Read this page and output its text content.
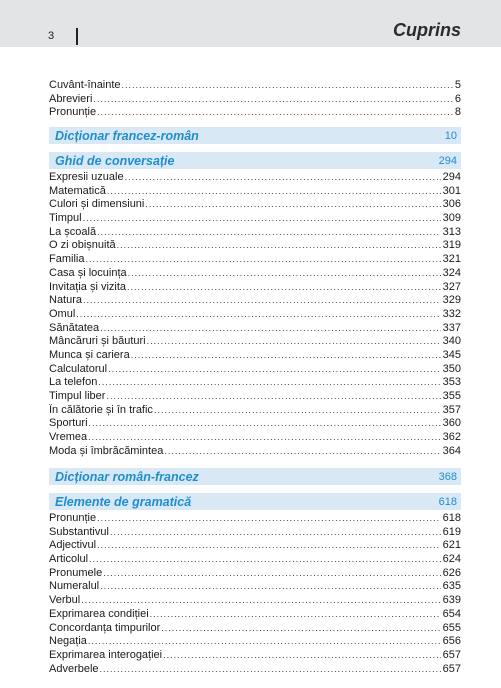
3	Cuprins
Cuvânt-înainte .....	5
Abrevieri .....	6
Pronunție .....	8
Dicționar francez-român	10
Ghid de conversație	294
Expresii uzuale .....	294
Matematică .....	301
Culori și dimensiuni .....	306
Timpul .....	309
La școală .....	313
O zi obișnuită .....	319
Familia .....	321
Casa și locuința .....	324
Invitația și vizita .....	327
Natura .....	329
Omul .....	332
Sănătatea .....	337
Mâncăruri și băuturi .....	340
Munca și cariera .....	345
Calculatorul .....	350
La telefon .....	353
Timpul liber .....	355
În călătorie și în trafic .....	357
Sporturi .....	360
Vremea .....	362
Moda și îmbrăcămintea .....	364
Dicționar român-francez	368
Elemente de gramatică	618
Pronunție .....	618
Substantivul .....	619
Adjectivul .....	621
Articolul .....	624
Pronumele .....	626
Numeralul .....	635
Verbul .....	639
Exprimarea condiției .....	654
Concordanța timpurilor .....	655
Negația .....	656
Exprimarea interogației .....	657
Adverbele .....	657
